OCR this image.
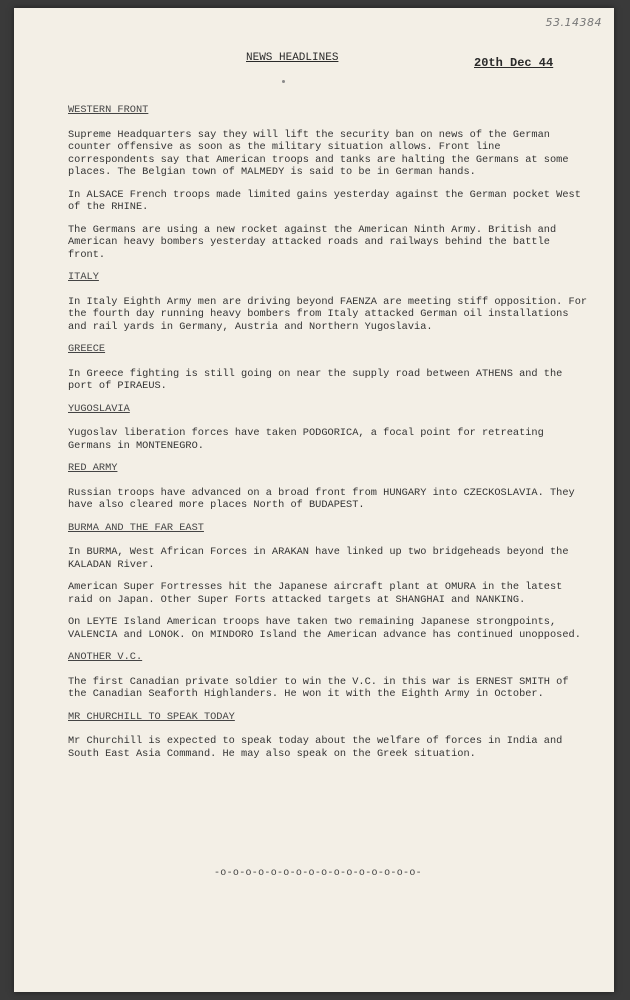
53.14384
NEWS HEADLINES	20th Dec 44
WESTERN FRONT

Supreme Headquarters say they will lift the security ban on news of the German counter offensive as soon as the military situation allows. Front line correspondents say that American troops and tanks are halting the Germans at some places. The Belgian town of MALMEDY is said to be in German hands.

In ALSACE French troops made limited gains yesterday against the German pocket West of the RHINE.

The Germans are using a new rocket against the American Ninth Army. British and American heavy bombers yesterday attacked roads and railways behind the battle front.

ITALY

In Italy Eighth Army men are driving beyond FAENZA are meeting stiff opposition. For the fourth day running heavy bombers from Italy attacked German oil installations and rail yards in Germany, Austria and Northern Yugoslavia.

GREECE

In Greece fighting is still going on near the supply road between ATHENS and the port of PIRAEUS.

YUGOSLAVIA

Yugoslav liberation forces have taken PODGORICA, a focal point for retreating Germans in MONTENEGRO.

RED ARMY

Russian troops have advanced on a broad front from HUNGARY into CZECKOSLAVIA. They have also cleared more places North of BUDAPEST.

BURMA AND THE FAR EAST

In BURMA, West African Forces in ARAKAN have linked up two bridgeheads beyond the KALADAN River.

American Super Fortresses hit the Japanese aircraft plant at OMURA in the latest raid on Japan. Other Super Forts attacked targets at SHANGHAI and NANKING.

On LEYTE Island American troops have taken two remaining Japanese strongpoints, VALENCIA and LONOK. On MINDORO Island the American advance has continued unopposed.

ANOTHER V.C.

The first Canadian private soldier to win the V.C. in this war is ERNEST SMITH of the Canadian Seaforth Highlanders. He won it with the Eighth Army in October.

MR CHURCHILL TO SPEAK TODAY

Mr Churchill is expected to speak today about the welfare of forces in India and South East Asia Command. He may also speak on the Greek situation.

-o-o-o-o-o-o-o-o-o-o-o-o-o-o-o-o-
